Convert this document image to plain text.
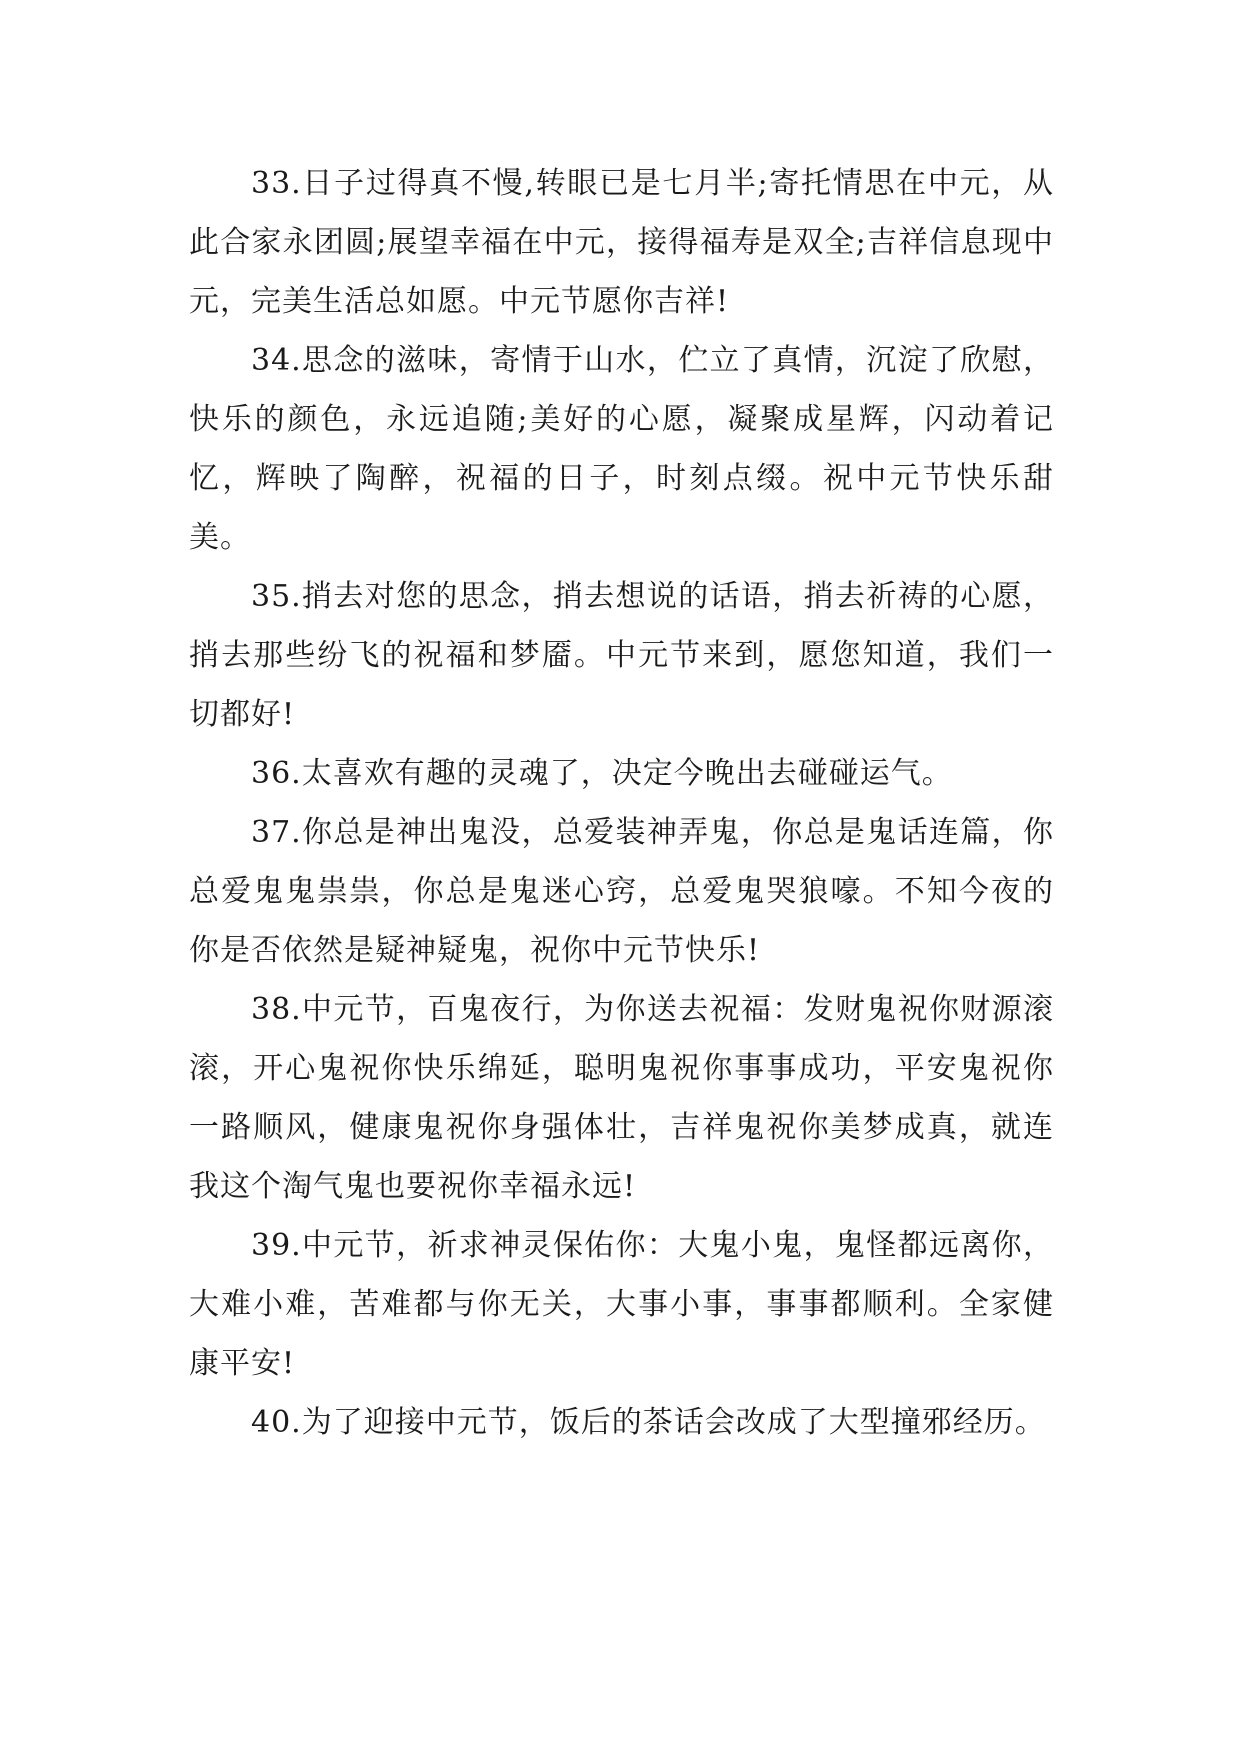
33.日子过得真不慢,转眼已是七月半;寄托情思在中元，从此合家永团圆;展望幸福在中元，接得福寿是双全;吉祥信息现中元，完美生活总如愿。中元节愿你吉祥!

34.思念的滋味，寄情于山水，伫立了真情，沉淀了欣慰，快乐的颜色，永远追随;美好的心愿，凝聚成星辉，闪动着记忆，辉映了陶醉，祝福的日子，时刻点缀。祝中元节快乐甜美。

35.捎去对您的思念，捎去想说的话语，捎去祈祷的心愿，捎去那些纷飞的祝福和梦靥。中元节来到，愿您知道，我们一切都好!

36.太喜欢有趣的灵魂了，决定今晚出去碰碰运气。

37.你总是神出鬼没，总爱装神弄鬼，你总是鬼话连篇，你总爱鬼鬼祟祟，你总是鬼迷心窍，总爱鬼哭狼嚎。不知今夜的你是否依然是疑神疑鬼，祝你中元节快乐!

38.中元节，百鬼夜行，为你送去祝福：发财鬼祝你财源滚滚，开心鬼祝你快乐绵延，聪明鬼祝你事事成功，平安鬼祝你一路顺风，健康鬼祝你身强体壮，吉祥鬼祝你美梦成真，就连我这个淘气鬼也要祝你幸福永远!

39.中元节，祈求神灵保佑你：大鬼小鬼，鬼怪都远离你，大难小难，苦难都与你无关，大事小事，事事都顺利。全家健康平安!

40.为了迎接中元节，饭后的茶话会改成了大型撞邪经历。
